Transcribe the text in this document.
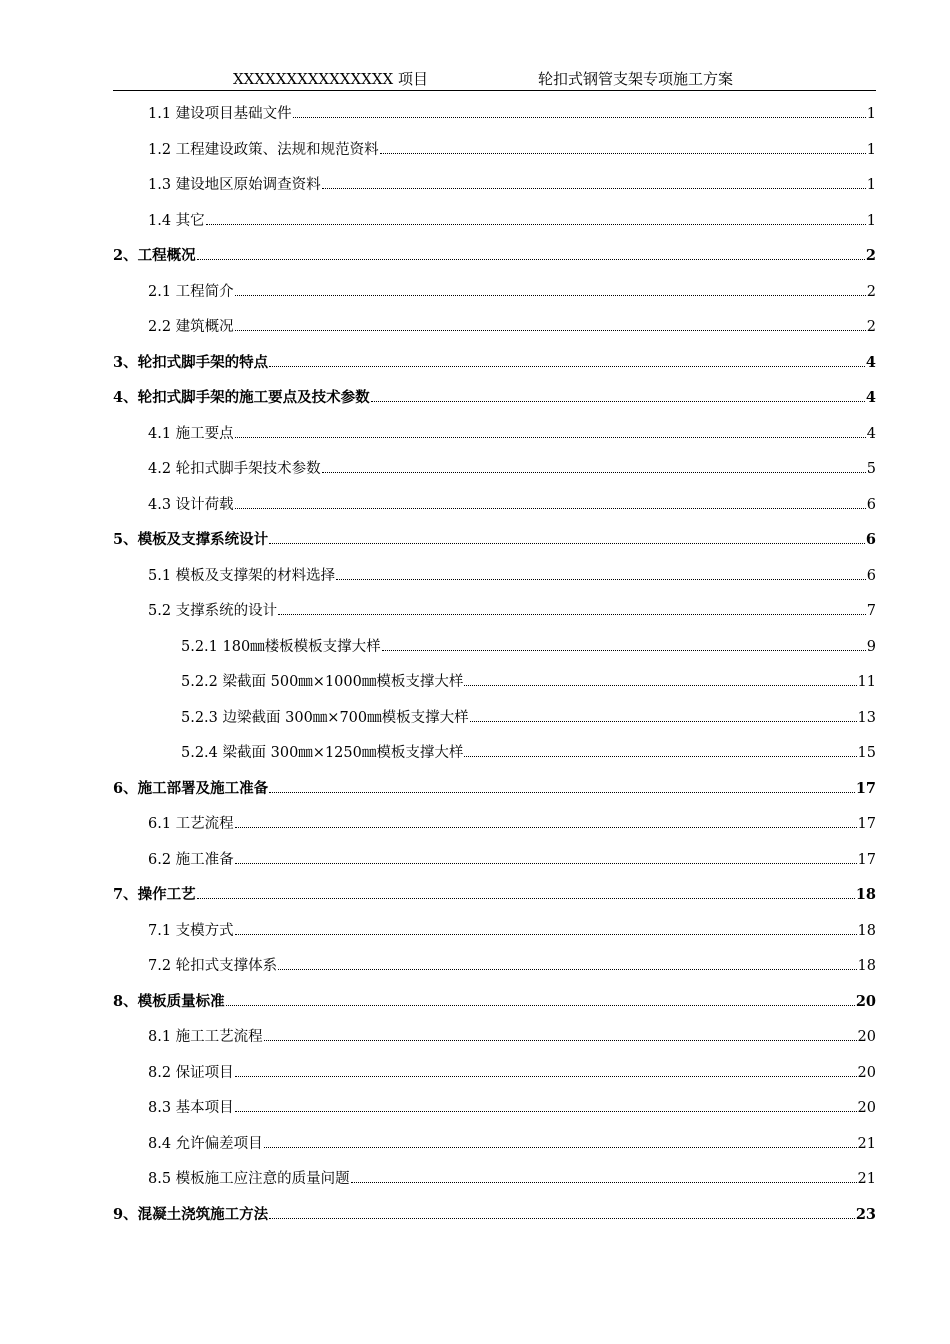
XXXXXXXXXXXXXXX 项目	轮扣式钢管支架专项施工方案
1.1 建设项目基础文件	1
1.2 工程建设政策、法规和规范资料	1
1.3 建设地区原始调查资料	1
1.4 其它	1
2、工程概况	2
2.1 工程简介	2
2.2 建筑概况	2
3、轮扣式脚手架的特点	4
4、轮扣式脚手架的施工要点及技术参数	4
4.1 施工要点	4
4.2 轮扣式脚手架技术参数	5
4.3 设计荷载	6
5、模板及支撑系统设计	6
5.1 模板及支撑架的材料选择	6
5.2 支撑系统的设计	7
5.2.1 180㎜楼板模板支撑大样	9
5.2.2 梁截面 500㎜×1000㎜模板支撑大样	11
5.2.3 边梁截面 300㎜×700㎜模板支撑大样	13
5.2.4 梁截面 300㎜×1250㎜模板支撑大样	15
6、施工部署及施工准备	17
6.1 工艺流程	17
6.2 施工准备	17
7、操作工艺	18
7.1 支模方式	18
7.2 轮扣式支撑体系	18
8、模板质量标准	20
8.1 施工工艺流程	20
8.2 保证项目	20
8.3 基本项目	20
8.4 允许偏差项目	21
8.5 模板施工应注意的质量问题	21
9、混凝土浇筑施工方法	23
